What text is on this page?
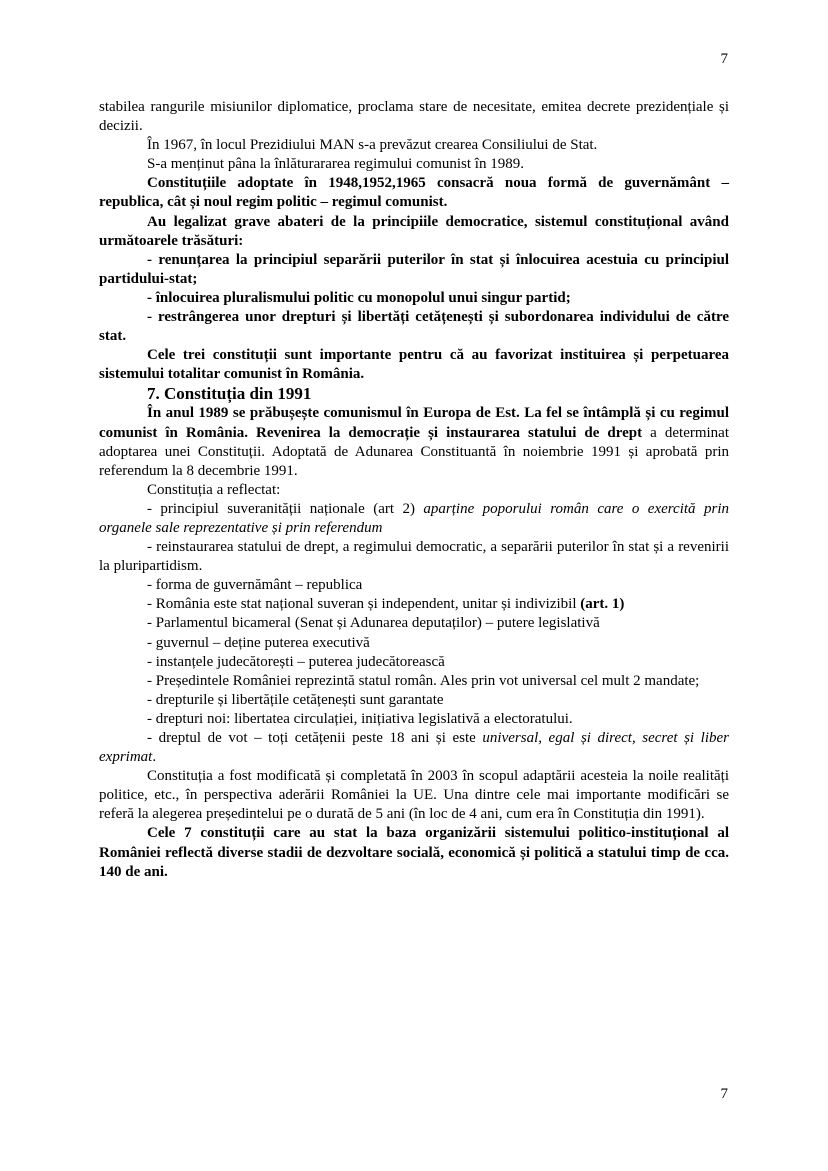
7

stabilea rangurile misiunilor diplomatice, proclama stare de necesitate, emitea decrete prezidențiale și decizii.

În 1967, în locul Prezidiului MAN s-a prevăzut crearea Consiliului de Stat.

S-a menținut pâna la înlăturararea regimului comunist în 1989.

Constituțiile adoptate în 1948,1952,1965 consacră noua formă de guvernământ – republica, cât și noul regim politic – regimul comunist.

Au legalizat grave abateri de la principiile democratice, sistemul constituțional având următoarele trăsături:

- renunțarea la principiul separării puterilor în stat și înlocuirea acestuia cu principiul partidului-stat;

- înlocuirea pluralismului politic cu monopolul unui singur partid;

- restrângerea unor drepturi și libertăți cetățenești și subordonarea individului de către stat.

Cele trei constituții sunt importante pentru că au favorizat instituirea și perpetuarea sistemului totalitar comunist în România.

7. Constituția din 1991

În anul 1989 se prăbușește comunismul în Europa de Est. La fel se întâmplă și cu regimul comunist în România. Revenirea la democrație și instaurarea statului de drept a determinat adoptarea unei Constituții. Adoptată de Adunarea Constituantă în noiembrie 1991 și aprobată prin referendum la 8 decembrie 1991.

Constituția a reflectat:

- principiul suveranității naționale (art 2) aparține poporului român care o exercită prin organele sale reprezentative și prin referendum

- reinstaurarea statului de drept, a regimului democratic, a separării puterilor în stat și a revenirii la pluripartidism.

- forma de guvernământ – republica

- România este stat național suveran și independent, unitar și indivizibil (art. 1)

- Parlamentul bicameral (Senat și Adunarea deputaților) – putere legislativă

- guvernul – deține puterea executivă

- instanțele judecătorești – puterea judecătorească

- Președintele României reprezintă statul român. Ales prin vot universal cel mult 2 mandate;

- drepturile și libertățile cetățenești sunt garantate

- drepturi noi: libertatea circulației, inițiativa legislativă a electoratului.

- dreptul de vot – toți cetățenii peste 18 ani și este universal, egal și direct, secret și liber exprimat.

Constituția a fost modificată și completată în 2003 în scopul adaptării acesteia la noile realități politice, etc., în perspectiva aderării României la UE. Una dintre cele mai importante modificări se referă la alegerea președintelui pe o durată de 5 ani (în loc de 4 ani, cum era în Constituția din 1991).

Cele 7 constituții care au stat la baza organizării sistemului politico-instituțional al României reflectă diverse stadii de dezvoltare socială, economică și politică a statului timp de cca. 140 de ani.

7
